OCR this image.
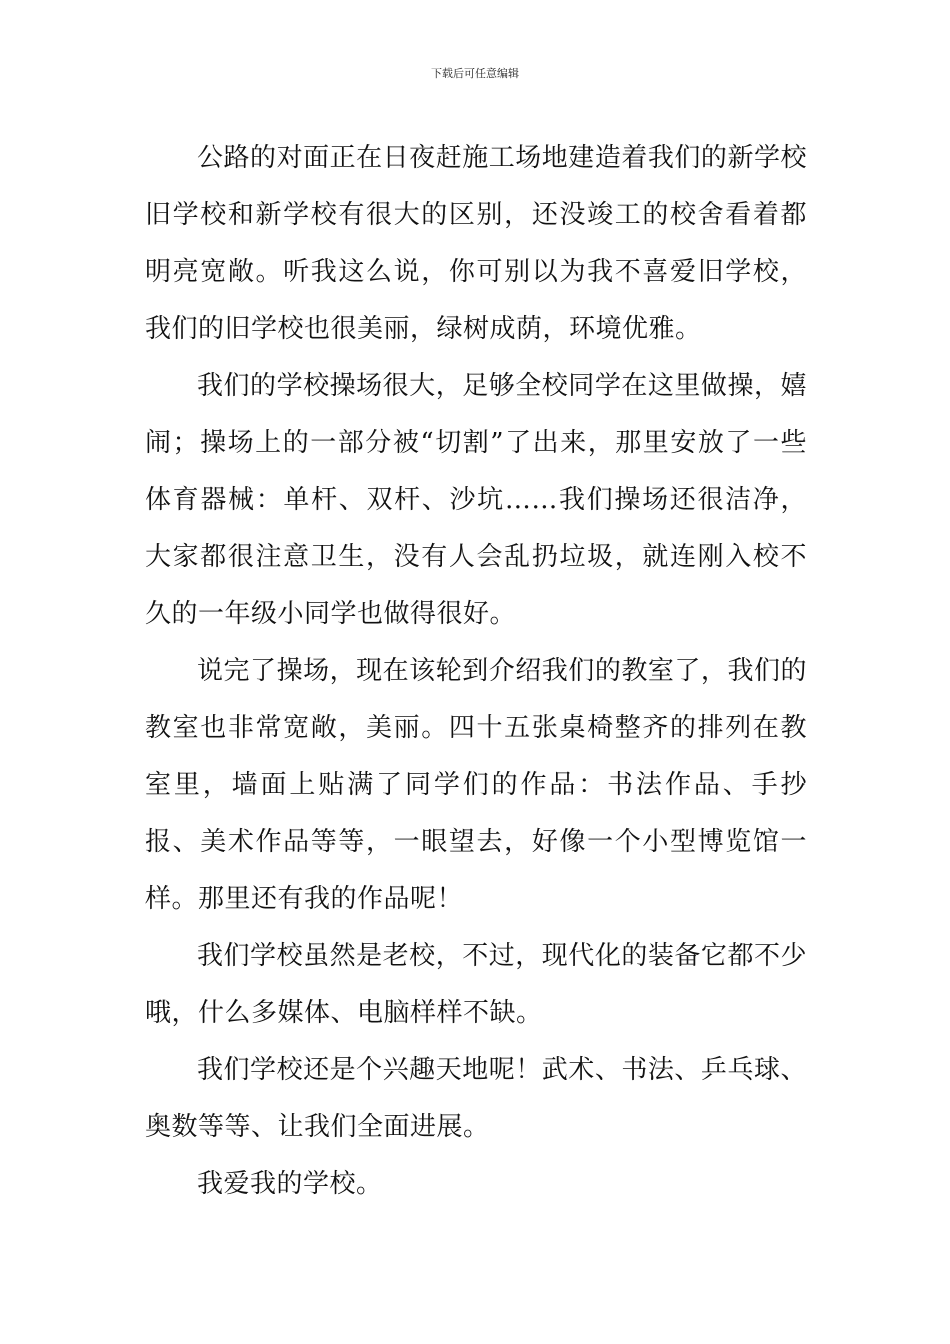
下载后可任意编辑

公路的对面正在日夜赶施工场地建造着我们的新学校旧学校和新学校有很大的区别，还没竣工的校舍看着都明亮宽敞。听我这么说，你可别以为我不喜爱旧学校，我们的旧学校也很美丽，绿树成荫，环境优雅。

我们的学校操场很大，足够全校同学在这里做操，嬉闹；操场上的一部分被“切割”了出来，那里安放了一些体育器械：单杆、双杆、沙坑……我们操场还很洁净，大家都很注意卫生，没有人会乱扔垃圾，就连刚入校不久的一年级小同学也做得很好。

说完了操场，现在该轮到介绍我们的教室了，我们的教室也非常宽敞，美丽。四十五张桌椅整齐的排列在教室里，墙面上贴满了同学们的作品：书法作品、手抄报、美术作品等等，一眼望去，好像一个小型博览馆一样。那里还有我的作品呢！

我们学校虽然是老校，不过，现代化的装备它都不少哦，什么多媒体、电脑样样不缺。

我们学校还是个兴趣天地呢！武术、书法、乒乓球、奥数等等、让我们全面进展。

我爱我的学校。
